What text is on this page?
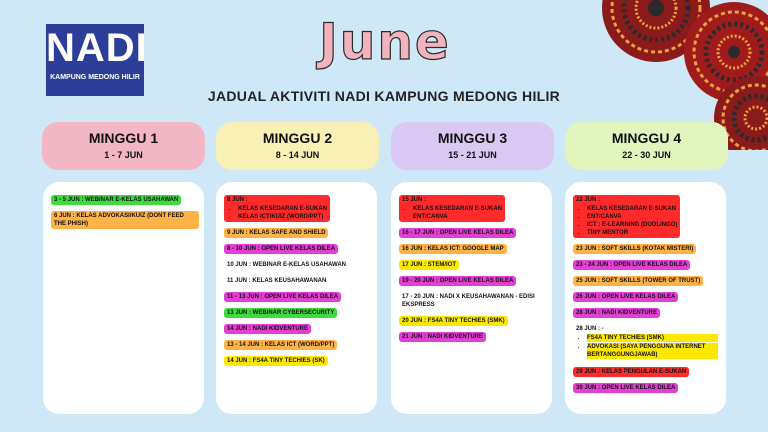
NADI
KAMPUNG MEDONG HILIR
June
JADUAL AKTIVITI NADI KAMPUNG MEDONG HILIR
MINGGU 1
1 - 7 JUN
3 - 5 JUN : WEBINAR E-KELAS USAHAWAN
6 JUN : KELAS ADVOKASI/KUIZ (DONT FEED THE PHISH)
MINGGU 2
8 - 14 JUN
8 JUN :
• KELAS KESEDARAN E-SUKAN
• KELAS ICT/KUIZ (WORD/PPT)
9 JUN : KELAS SAFE AND SHIELD
8 - 10 JUN : OPEN LIVE KELAS DILEA
10 JUN : WEBINAR E-KELAS USAHAWAN
11 JUN : KELAS KEUSAHAWANAN
11 - 13 JUN : OPEN LIVE KELAS DILEA
13 JUN : WEBINAR CYBERSECURITY
14 JUN : NADI KIDVENTURE
13 - 14 JUN : KELAS ICT (WORD/PPT)
14 JUN : FS4A TINY TECHIES (SK)
MINGGU 3
15 - 21 JUN
15 JUN :
• KELAS KESEDARAN E-SUKAN
• ENT/CANVA
16 - 17 JUN : OPEN LIVE KELAS DILEA
16 JUN : KELAS ICT: GOOGLE MAP
17 JUN : STEM/IOT
19 - 20 JUN : OPEN LIVE KELAS DILEA
17 - 20 JUN : NADI X KEUSAHAWANAN - EDISI EKSPRESS
20 JUN : FS4A TINY TECHIES (SMK)
21 JUN : NADI KIDVENTURE
MINGGU 4
22 - 30 JUN
22 JUN :
• KELAS KESEDARAN E-SUKAN
• ENT/CANVA
• ICT : E-LEARNING (DUOLINGO)
• TINY MENTOR
23 JUN : SOFT SKILLS (KOTAK MISTERI)
23 - 24 JUN : OPEN LIVE KELAS DILEA
25 JUN : SOFT SKILLS (TOWER OF TRUST)
26 JUN : OPEN LIVE KELAS DILEA
28 JUN : NADI KIDVENTURE
28 JUN : -
• FS4A TINY TECHIES (SMK)
• ADVOKASI (SAYA PENGGUNA INTERNET BERTANGGUNGJAWAB)
29 JUN : KELAS PENGULAN E-SUKAN
30 JUN : OPEN LIVE KELAS DILEA
